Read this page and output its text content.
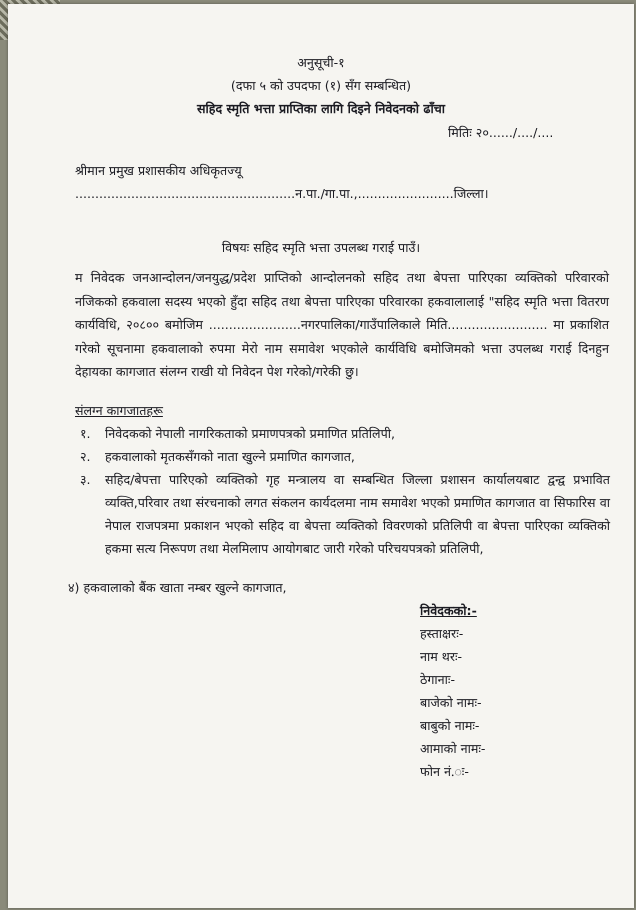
अनुसूची-१
(दफा ५ को उपदफा (१) सँग सम्बन्धित)
सहिद स्मृति भत्ता प्राप्तिका लागि दिइने निवेदनको ढाँचा
मितिः २०....../..../....
श्रीमान प्रमुख प्रशासकीय अधिकृतज्यू
.......................................................न.पा./गा.पा.,........................जिल्ला।
विषयः सहिद स्मृति भत्ता उपलब्ध गराई पाउँ।
म निवेदक जनआन्दोलन/जनयुद्ध/प्रदेश प्राप्तिको आन्दोलनको सहिद तथा बेपत्ता पारिएका व्यक्तिको परिवारको नजिकको हकवाला सदस्य भएको हुँदा सहिद तथा बेपत्ता पारिएका परिवारका हकवालालाई "सहिद स्मृति भत्ता वितरण कार्यविधि, २०८०० बमोजिम .......................नगरपालिका/गाउँपालिकाले मिति......................... मा प्रकाशित गरेको सूचनामा हकवालाको रुपमा मेरो नाम समावेश भएकोले कार्यविधि बमोजिमको भत्ता उपलब्ध गराई दिनहुन देहायका कागजात संलग्न राखी यो निवेदन पेश गरेको/गरेकी छु।
संलग्न कागजातहरू
१. निवेदकको नेपाली नागरिकताको प्रमाणपत्रको प्रमाणित प्रतिलिपी,
२. हकवालाको मृतकसँगको नाता खुल्ने प्रमाणित कागजात,
३. सहिद/बेपत्ता पारिएको व्यक्तिको गृह मन्त्रालय वा सम्बन्धित जिल्ला प्रशासन कार्यालयबाट द्वन्द्व प्रभावित व्यक्ति,परिवार तथा संरचनाको लगत संकलन कार्यदलमा नाम समावेश भएको प्रमाणित कागजात वा सिफारिस वा नेपाल राजपत्रमा प्रकाशन भएको सहिद वा बेपत्ता व्यक्तिको विवरणको प्रतिलिपी वा बेपत्ता पारिएका व्यक्तिको हकमा सत्य निरूपण तथा मेलमिलाप आयोगबाट जारी गरेको परिचयपत्रको प्रतिलिपी,
४) हकवालाको बैंक खाता नम्बर खुल्ने कागजात,
निवेदकको:-
हस्ताक्षरः-
नाम थरः-
ठेगानाः-
बाजेको नामः-
बाबुको नामः-
आमाको नामः-
फोन नं.ः-
